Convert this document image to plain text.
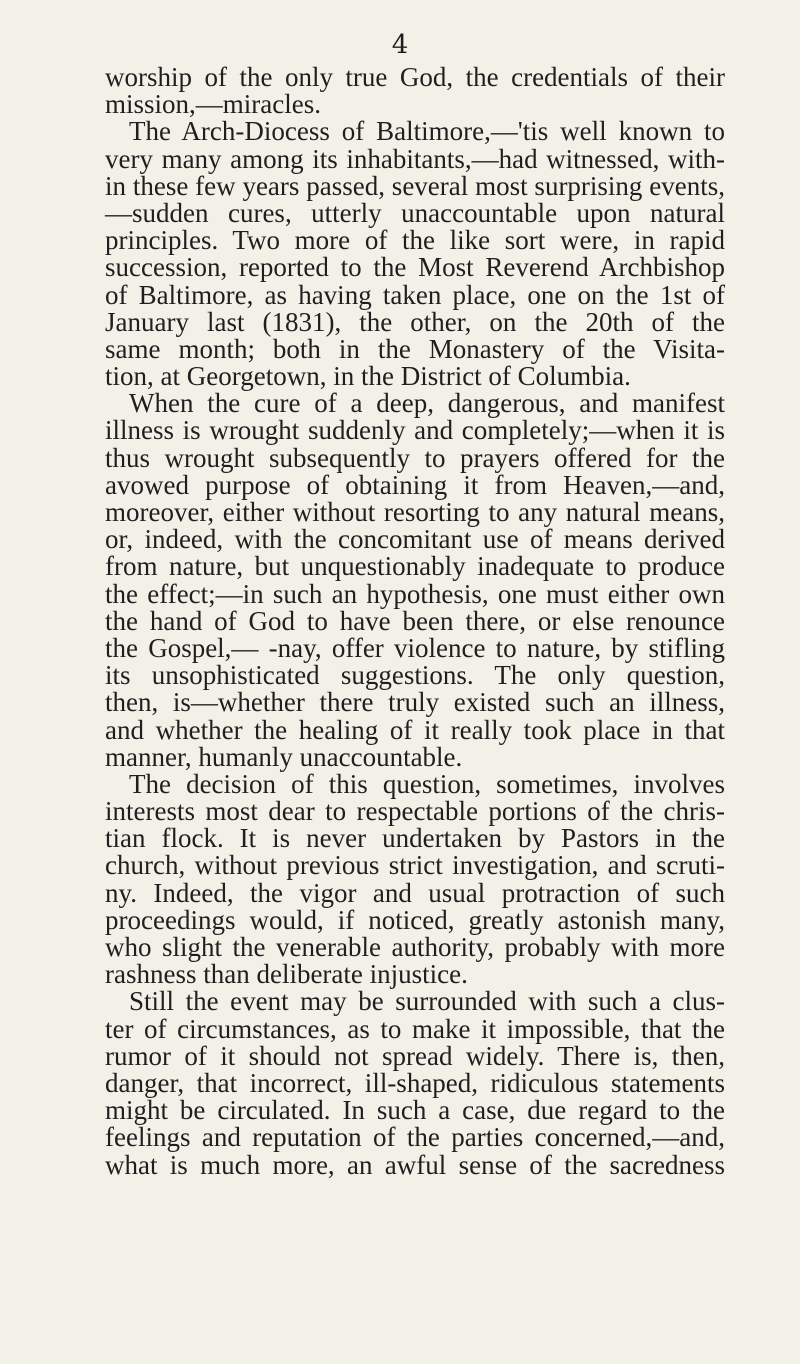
4
worship of the only true God, the credentials of their
mission,—miracles.
The Arch-Diocess of Baltimore,—'tis well known to
very many among its inhabitants,—had witnessed, with-
in these few years passed, several most surprising events,
—sudden cures, utterly unaccountable upon natural
principles. Two more of the like sort were, in rapid
succession, reported to the Most Reverend Archbishop
of Baltimore, as having taken place, one on the 1st of
January last (1831), the other, on the 20th of the
same month; both in the Monastery of the Visita-
tion, at Georgetown, in the District of Columbia.
When the cure of a deep, dangerous, and manifest
illness is wrought suddenly and completely;—when it is
thus wrought subsequently to prayers offered for the
avowed purpose of obtaining it from Heaven,—and,
moreover, either without resorting to any natural means,
or, indeed, with the concomitant use of means derived
from nature, but unquestionably inadequate to produce
the effect;—in such an hypothesis, one must either own
the hand of God to have been there, or else renounce
the Gospel,— -nay, offer violence to nature, by stifling
its unsophisticated suggestions. The only question,
then, is—whether there truly existed such an illness,
and whether the healing of it really took place in that
manner, humanly unaccountable.
The decision of this question, sometimes, involves
interests most dear to respectable portions of the chris-
tian flock. It is never undertaken by Pastors in the
church, without previous strict investigation, and scruti-
ny. Indeed, the vigor and usual protraction of such
proceedings would, if noticed, greatly astonish many,
who slight the venerable authority, probably with more
rashness than deliberate injustice.
Still the event may be surrounded with such a clus-
ter of circumstances, as to make it impossible, that the
rumor of it should not spread widely. There is, then,
danger, that incorrect, ill-shaped, ridiculous statements
might be circulated. In such a case, due regard to the
feelings and reputation of the parties concerned,—and,
what is much more, an awful sense of the sacredness
